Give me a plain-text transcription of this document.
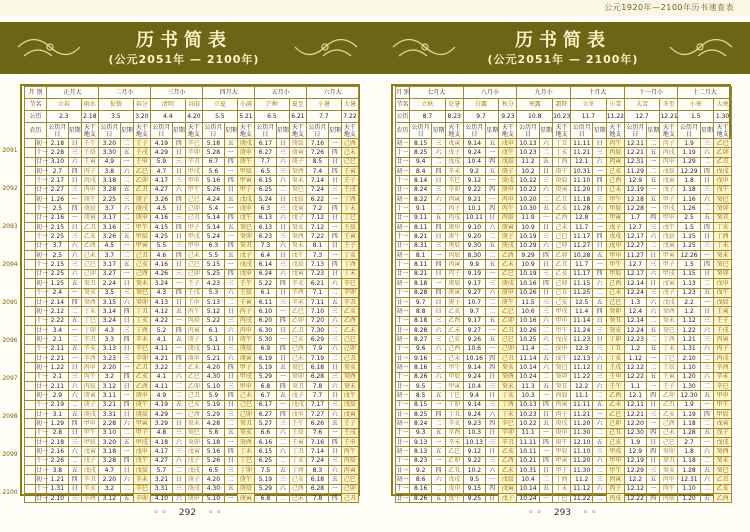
历书简表
(公元2051年 — 2100年)
月 别		正月大			二月小			三月小			四月大			五月小			六月大		
节名		立春		雨水	惊蛰		春分	清明		谷雨	立夏		小满	芒种		夏至	小暑		大暑
公历		2.3		2.18	3.5		3.20	4.4		4.20	5.5		5.21	6.5		6.21	7.7		7.22
农历		公历月日	星期	天干地支	公历月日	星期	天干地支	公历月日	星期	天干地支	公历月日	星期	天干地支	公历月日	星期	天干地支	公历月日	星期	天干地支
	初一	2.18	日	壬午	3.20	二	壬子	4.19	四	辛巳	5.18	五	庚戌	6.17	日	庚辰	7.16	一	己酉
	十一	2.28	三	壬辰	3.30	五	壬戌	4.29	日	辛卯	5.28	一	庚申	6.27	三	庚寅	7.26	四	己未
	廿一	3.10	六	壬寅	4.9	一	壬申	5.9	三	辛丑	6.7	四	庚午	7.7	六	庚子	8.5	日	己巳
	初一	2.7	四	丙子	3.8	六	乙巳	4.7	日	甲戌	5.6	一	甲辰	6.5	三	癸酉	7.4	四	壬寅
	十一	2.17	日	丙戌	3.18	二	乙卯	4.17	三	甲申	5.16	四	甲寅	6.15	六	癸未	7.14	日	壬子
	廿一	2.27	三	丙申	3.28	五	乙丑	4.27	六	甲午	5.26	日	甲子	6.25	二	癸巳	7.24	三	壬戌
	初一	1.26	一	庚午	2.25	三	庚子	3.26	四	己巳	4.24	五	戊戌	5.24	日	戊辰	6.22	一	丁酉
	十一	2.5	四	庚辰	3.7	六	庚戌	4.5	日	己卯	5.4	一	戊申	6.3	三	戊寅	7.2	四	丁未
	廿一	2.16	一	庚寅	3.17	二	庚申	4.16	三	己丑	5.14	四	戊午	6.13	六	戊子	7.12	日	丁巳
	初一	2.15	日	乙丑	3.16	二	甲午	4.15	四	甲子	5.14	五	癸巳	6.13	日	癸亥	7.12	一	壬辰
	十一	2.25	三	乙亥	3.26	五	甲辰	4.25	日	甲戌	5.24	一	癸卯	6.23	三	癸酉	7.22	四	壬寅
	廿一	3.7	六	乙酉	4.5	一	甲寅	5.5	三	甲申	6.3	四	癸丑	7.3	六	癸未	8.1	日	壬子
	初一	2.5	六	己未	3.7	二	己丑	4.6	四	己未	5.5	五	戊子	6.4	日	戊午	7.3	一	丁亥
	十一	2.15	三	己巳	3.17	五	己亥	4.16	日	己巳	5.15	一	戊戌	6.14	三	戊辰	7.13	四	丁酉
	廿一	2.25	六	己卯	3.27	一	己酉	4.26	三	己卯	5.25	四	戊申	6.24	六	戊寅	7.23	日	丁未
	初一	1.25	五	癸丑	2.24	日	癸未	3.24	一	壬子	4.23	三	壬午	5.22	四	辛亥	6.21	六	辛巳
	十一	2.4	一	癸亥	3.5	三	癸巳	4.3	四	壬戌	5.3	六	壬辰	6.1	日	辛酉	7.1	二	辛卯
	廿一	2.14	四	癸酉	3.15	六	癸卯	4.13	日	壬申	5.13	二	壬寅	6.11	三	辛未	7.11	五	辛丑
	初一	2.12	二	丁未	3.14	四	丁丑	4.12	五	丙午	5.12	日	丙子	6.10	一	乙巳	7.10	三	乙亥
	十一	2.22	五	丁巳	3.24	日	丁亥	4.22	一	丙辰	5.22	三	丙戌	6.20	四	乙卯	7.20	六	乙酉
	廿一	3.4	一	丁卯	4.3	三	丁酉	5.2	四	丙寅	6.1	六	丙申	6.30	日	乙丑	7.30	二	乙未
	初一	2.1	二	辛丑	3.3	四	辛未	4.1	五	庚子	5.1	日	庚午	5.30	一	己亥	6.29	三	己巳
	十一	2.11	五	辛亥	3.13	日	辛巳	4.11	一	庚戌	5.11	三	庚辰	6.9	四	己酉	7.9	六	己卯
	廿一	2.21	一	辛酉	3.23	三	辛卯	4.21	四	庚申	5.21	六	庚寅	6.19	日	己未	7.19	二	己丑
	初一	1.22	日	丙申	2.20	一	乙丑	3.22	三	乙未	4.20	四	甲子	5.19	五	癸巳	6.18	日	癸亥
	十一	2.1	三	丙午	3.2	四	乙亥	4.1	六	乙巳	4.30	日	甲戌	5.29	一	癸卯	6.28	三	癸酉
	廿一	2.11	六	丙辰	3.12	日	乙酉	4.11	二	乙卯	5.10	三	甲申	6.8	四	癸丑	7.8	六	癸未
	初一	2.9	六	庚寅	3.11	一	庚申	4.9	二	己丑	5.9	四	己未	6.7	五	戊子	7.7	日	戊午
	十一	2.19	二	庚子	3.21	四	庚午	4.19	五	己亥	5.19	日	己巳	6.17	一	戊戌	7.17	三	戊辰
	廿一	3.1	五	庚戌	3.31	日	庚辰	4.29	一	己酉	5.29	三	己卯	6.27	四	戊申	7.27	六	戊寅
	初一	1.29	四	甲申	2.28	六	甲寅	3.29	日	癸未	4.28	二	癸丑	5.27	三	壬午	6.26	五	壬子
	十一	2.8	日	甲午	3.10	二	甲子	4.8	三	癸巳	5.8	五	癸亥	6.6	六	壬辰	7.6	一	壬戌
	廿一	2.18	三	甲辰	3.20	五	甲戌	4.18	六	癸卯	5.18	一	癸酉	6.16	二	壬寅	7.16	四	壬申
	初一	2.16	六	戊寅	3.18	一	戊申	4.17	三	戊寅	5.16	四	丁未	6.15	六	丁丑	7.14	日	丙午
	十一	2.26	二	戊子	3.28	四	戊午	4.27	六	戊子	5.26	日	丁巳	6.25	二	丁亥	7.24	三	丙辰
	廿一	3.8	五	戊戌	4.7	日	戊辰	5.7	二	戊戌	6.5	三	丁卯	7.5	五	丁酉	8.3	六	丙寅
	初一	1.21	四	辛丑	2.20	六	辛未	3.21	日	庚子	4.20	二	庚午	5.19	三	己亥	6.18	五	己巳
	十一	1.31	日	辛亥	3.2	二	辛巳	3.31	三	庚戌	4.30	五	庚辰	5.29	六	己酉	6.28	一	己卯
	廿一	2.10	三	辛酉	3.12	五	辛卯	4.10	六	庚申	5.10	一	庚寅	6.8	二	己未	7.8	四	己丑
2091
2092
2093
2094
2095
2096
2097
2098
2099
2100
◦ ◦ 292 ◦ ◦
公元1920年—2100年历书速查表
历书简表
(公元2051年 — 2100年)
月 别	七月大			八月小			九月小			十月大			十一月小			十二月大		
节名	立秋		处暑	白露		秋分	寒露		霜降	立冬		小雪	大雪		冬至	小寒		大寒
公历	8.7		8.23	9.7		9.23	10.8		10.23	11.7		11.22	12.7		12.21	1.5		1.30
农历	公历月日	星期	天干地支	公历月日	星期	天干地支	公历月日	星期	天干地支	公历月日	星期	天干地支	公历月日	星期	天干地支	公历月日	星期	天干地支
初一	8.15	三	戊寅	9.14	五	戊申	10.13	六	丁丑	11.11	日	丙午	12.11	二	丙子	1.9	三	乙巳
十一	8.25	六	戊子	9.24	一	戊午	10.23	二	丁亥	11.21	三	丙辰	12.21	五	丙戌	1.19	六	乙卯
廿一	9.4	二	戊戌	10.4	四	戊辰	11.2	五	丁酉	12.1	六	丙寅	12.31	一	丙申	1.29	二	乙丑
初一	8.4	四	辛未	9.2	五	庚子	10.2	日	庚午	10.31	一	己亥	11.29	二	戊辰	12.29	四	戊戌
十一	8.14	日	辛巳	9.12	一	庚戌	10.12	三	庚辰	11.10	四	己酉	12.9	五	戊寅	1.8	日	戊申
廿一	8.24	三	辛卯	9.22	四	庚申	10.22	六	庚寅	11.20	日	己未	12.19	一	戊子	1.18	三	戊午
初一	8.22	六	丙寅	9.21	一	丙申	10.20	二	乙丑	11.18	三	甲午	12.18	五	甲子	1.16	六	癸巳
十一	9.1	二	丙子	10.1	四	丙午	10.30	五	乙亥	11.28	六	甲辰	12.28	一	甲戌	1.26	二	癸卯
廿一	9.11	五	丙戌	10.11	日	丙辰	11.9	一	乙酉	12.8	二	甲寅	1.7	四	甲申	2.5	五	癸丑
初一	8.11	四	庚申	9.10	六	庚寅	10.9	日	己未	11.7	一	戊子	12.7	三	戊午	1.5	四	丁亥
十一	8.21	日	庚午	9.20	二	庚子	10.19	三	己巳	11.17	四	戊戌	12.17	六	戊辰	1.15	日	丁酉
廿一	8.31	三	庚辰	9.30	五	庚戌	10.29	六	己卯	11.27	日	戊申	12.27	二	戊寅	1.25	三	丁未
初一	8.1	一	丙辰	8.30	二	乙酉	9.29	四	乙卯	10.28	五	甲申	11.27	日	甲寅	12.26	一	癸未
十一	8.11	四	丙寅	9.9	五	乙未	10.9	日	乙丑	11.7	一	甲午	12.7	三	甲子	1.5	四	癸巳
廿一	8.21	日	丙子	9.19	一	乙巳	10.19	三	乙亥	11.17	四	甲辰	12.17	六	甲戌	1.15	日	癸卯
初一	8.18	一	庚辰	9.17	三	庚戌	10.16	四	己卯	11.15	六	己酉	12.14	日	戊寅	1.13	二	戊申
十一	8.28	四	庚寅	9.27	六	庚申	10.26	日	己丑	11.25	二	己未	12.24	三	戊子	1.23	五	戊午
廿一	9.7	日	庚子	10.7	二	庚午	11.5	三	己亥	12.5	五	己巳	1.3	六	戊戌	2.2	一	戊辰
初一	8.8	日	乙亥	9.7	二	乙巳	10.6	三	甲戌	11.4	四	癸卯	12.4	六	癸酉	1.2	日	壬寅
十一	8.18	三	乙酉	9.17	五	乙卯	10.16	六	甲申	11.14	日	癸丑	12.14	二	癸未	1.12	三	壬子
廿一	8.28	六	乙未	9.27	一	乙丑	10.26	二	甲午	11.24	三	癸亥	12.24	五	癸巳	1.22	六	壬戌
初一	8.27	三	己亥	9.26	五	己巳	10.25	六	戊戌	11.23	日	丁卯	12.23	二	丁酉	1.21	三	丙寅
十一	9.6	六	己酉	10.6	一	己卯	11.4	二	戊申	12.3	三	丁丑	1.2	五	丁未	1.31	六	丙子
廿一	9.16	二	己未	10.16	四	己丑	11.14	五	戊午	12.13	六	丁亥	1.12	一	丁巳	2.10	二	丙戌
初一	8.16	三	甲午	9.14	四	癸亥	10.14	六	癸巳	11.12	日	壬戌	12.12	二	壬辰	1.10	三	辛酉
十一	8.26	六	甲辰	9.24	日	癸酉	10.24	二	癸卯	11.22	三	壬申	12.22	五	壬寅	1.20	六	辛未
廿一	9.5	二	甲寅	10.4	三	癸未	11.3	五	癸丑	12.2	六	壬午	1.1	一	壬子	1.30	二	辛巳
初一	8.5	五	丁巳	9.4	日	丁亥	10.3	一	丙辰	11.1	二	乙酉	12.1	四	乙卯	12.30	五	甲申
十一	8.15	一	丁卯	9.14	三	丁酉	10.13	四	丙寅	11.11	五	乙未	12.11	日	乙丑	1.9	一	甲午
廿一	8.25	四	丁丑	9.24	六	丁未	10.23	日	丙子	11.21	一	乙巳	12.21	三	乙亥	1.19	四	甲辰
初一	8.24	二	辛亥	9.23	四	辛巳	10.22	五	庚戌	11.20	六	己卯	12.20	一	己酉	1.18	二	戊寅
十一	9.3	五	辛酉	10.3	日	辛卯	11.1	一	庚申	11.30	二	己丑	12.30	四	己未	1.28	五	戊子
廿一	9.13	一	辛未	10.13	三	辛丑	11.11	四	庚午	12.10	五	己亥	1.9	日	己巳	2.7	一	戊戌
初一	8.13	五	乙巳	9.12	日	乙亥	10.11	一	甲辰	11.10	三	甲戌	12.9	四	癸卯	1.8	六	癸酉
十一	8.23	一	乙卯	9.22	三	乙酉	10.21	四	甲寅	11.20	六	甲申	12.19	日	癸丑	1.18	二	癸未
廿一	9.2	四	乙丑	10.2	六	乙未	10.31	日	甲子	11.30	二	甲午	12.29	三	癸亥	1.28	五	癸巳
初一	8.6	六	戊戌	9.5	一	戊辰	10.4	二	丁酉	11.2	三	丙寅	12.2	五	丙申	12.31	六	乙丑
十一	8.16	二	戊申	9.15	四	戊寅	10.14	五	丁未	11.12	六	丙子	12.12	一	丙午	1.10	二	乙亥
廿一	8.26	五	戊午	9.25	日	戊子	10.24	一	丁巳	11.22	二	丙戌	12.22	四	丙辰	1.20	五	乙酉
◦ ◦ 293 ◦ ◦
